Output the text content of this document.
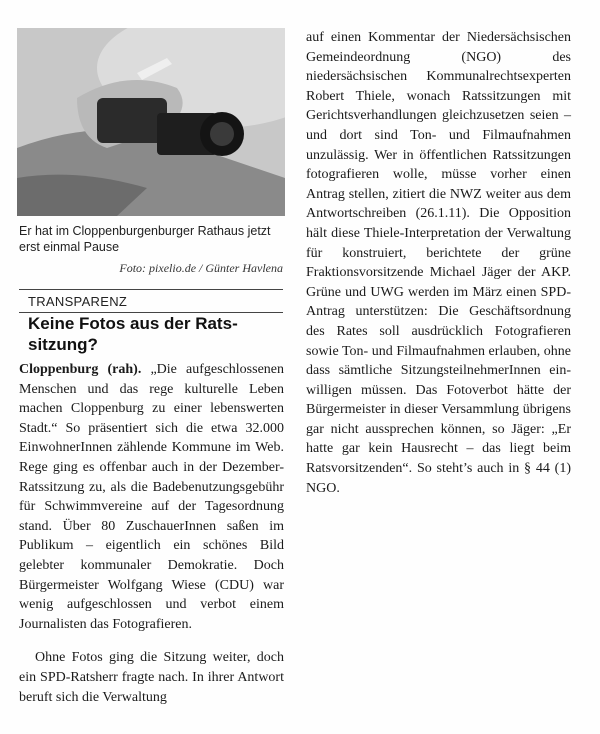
Er hat im Cloppenburgenburger Rathaus jetzt erst einmal Pause
Foto: pixelio.de / Günter Havlena
TRANSPARENZ
Keine Fotos aus der Ratssitzung?

Cloppenburg (rah). „Die aufgeschlossenen Menschen und das rege kulturelle Leben machen Cloppenburg zu einer lebenswerten Stadt.“ So präsentiert sich die etwa 32.000 EinwohnerInnen zählende Kommune im Web. Rege ging es offenbar auch in der Dezember-Ratssitzung zu, als die Badebenutzungsgebühr für Schwimmvereine auf der Tagesordnung stand. Über 80 ZuschauerInnen saßen im Publikum – eigentlich ein schönes Bild gelebter kommunaler Demokratie. Doch Bürgermeister Wolfgang Wiese (CDU) war wenig aufgeschlossen und verbot einem Journalisten das Fotografieren.

Ohne Fotos ging die Sitzung weiter, doch ein SPD-Ratsherr fragte nach. In ihrer Antwort beruft sich die Verwaltung

auf einen Kommentar der Niedersächsischen Gemeindeordnung (NGO) des niedersächsischen Kommunalrechtsexperten Robert Thiele, wonach Ratssitzungen mit Gerichtsverhandlungen gleichzusetzen seien – und dort sind Ton- und Filmaufnahmen unzulässig. Wer in öffentlichen Ratssitzungen fotografieren wolle, müsse vorher einen Antrag stellen, zitiert die NWZ weiter aus dem Antwortschreiben (26.1.11). Die Opposition hält diese Thiele-Interpretation der Verwaltung für konstruiert, berichtete der grüne Fraktionsvorsitzende Michael Jäger der AKP. Grüne und UWG werden im März einen SPD-Antrag unterstützen: Die Geschäftsordnung des Rates soll ausdrücklich Fotografieren sowie Ton- und Filmaufnahmen erlauben, ohne dass sämtliche SitzungsteilnehmerInnen einwilligen müssen. Das Fotoverbot hätte der Bürgermeister in dieser Versammlung übrigens gar nicht aussprechen können, so Jäger: „Er hatte gar kein Hausrecht – das liegt beim Ratsvorsitzenden“. So steht’s auch in § 44 (1) NGO.
